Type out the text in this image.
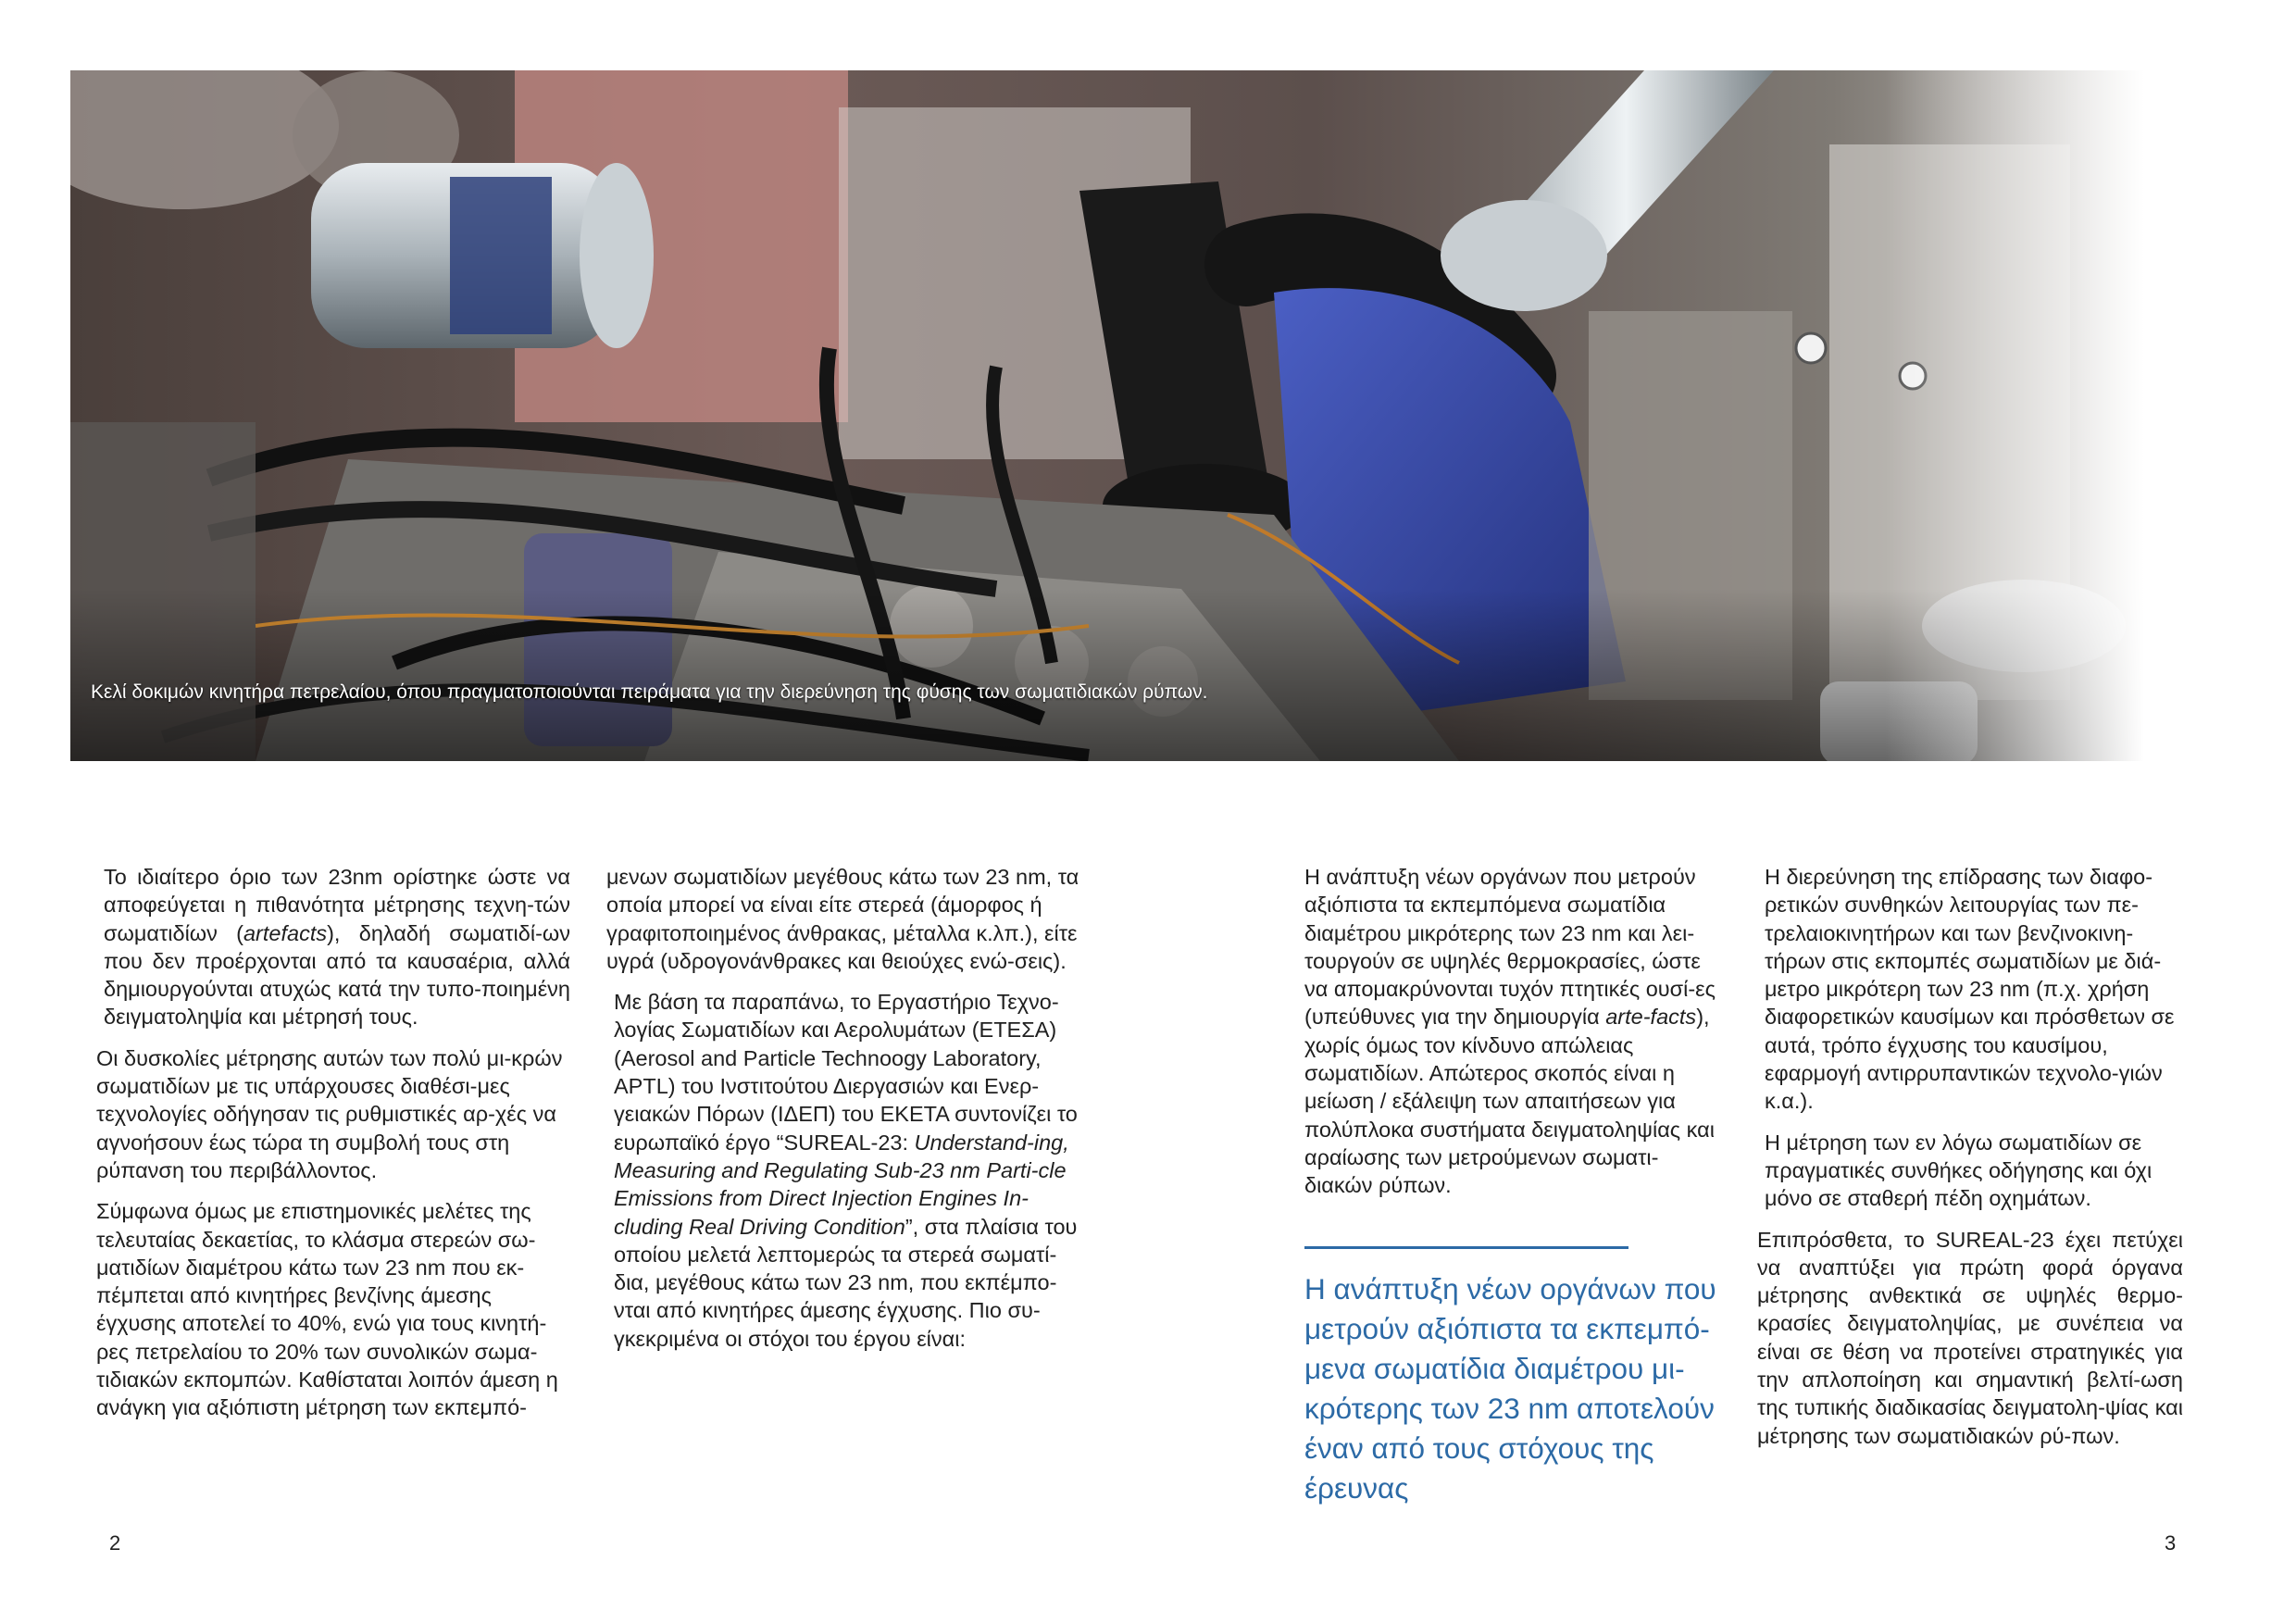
Κελί δοκιμών κινητήρα πετρελαίου, όπου πραγματοποιούνται πειράματα για την διερεύνηση της φύσης των σωματιδιακών ρύπων.

Το ιδιαίτερο όριο των 23nm ορίστηκε ώστε να αποφεύγεται η πιθανότητα μέτρησης τεχνη-τών σωματιδίων (artefacts), δηλαδή σωματιδί-ων που δεν προέρχονται από τα καυσαέρια, αλλά δημιουργούνται ατυχώς κατά την τυπο-ποιημένη δειγματοληψία και μέτρησή τους.

Οι δυσκολίες μέτρησης αυτών των πολύ μι-κρών σωματιδίων με τις υπάρχουσες διαθέσι-μες τεχνολογίες οδήγησαν τις ρυθμιστικές αρ-χές να αγνοήσουν έως τώρα τη συμβολή τους στη ρύπανση του περιβάλλοντος.

Σύμφωνα όμως με επιστημονικές μελέτες της τελευταίας δεκαετίας, το κλάσμα στερεών σω-ματιδίων διαμέτρου κάτω των 23 nm που εκ-πέμπεται από κινητήρες βενζίνης άμεσης έγχυσης αποτελεί το 40%, ενώ για τους κινητή-ρες πετρελαίου το 20% των συνολικών σωμα-τιδιακών εκπομπών. Καθίσταται λοιπόν άμεση η ανάγκη για αξιόπιστη μέτρηση των εκπεμπό-

μενων σωματιδίων μεγέθους κάτω των 23 nm, τα οποία μπορεί να είναι είτε στερεά (άμορφος ή γραφιτοποιημένος άνθρακας, μέταλλα κ.λπ.), είτε υγρά (υδρογονάνθρακες και θειούχες ενώ-σεις).

Με βάση τα παραπάνω, το Εργαστήριο Τεχνο-λογίας Σωματιδίων και Αερολυμάτων (ΕΤΕΣΑ) (Aerosol and Particle Technoogy Laboratory, APTL) του Ινστιτούτου Διεργασιών και Ενερ-γειακών Πόρων (ΙΔΕΠ) του ΕΚΕΤΑ συντονίζει το ευρωπαϊκό έργο “SUREAL-23: Understand-ing, Measuring and Regulating Sub-23 nm Parti-cle Emissions from Direct Injection Engines In-cluding Real Driving Condition”, στα πλαίσια του οποίου μελετά λεπτομερώς τα στερεά σωματί-δια, μεγέθους κάτω των 23 nm, που εκπέμπο-νται από κινητήρες άμεσης έγχυσης. Πιο συ-γκεκριμένα οι στόχοι του έργου είναι:

2

Η ανάπτυξη νέων οργάνων που μετρούν αξιόπιστα τα εκπεμπόμενα σωματίδια διαμέτρου μικρότερης των 23 nm και λει-τουργούν σε υψηλές θερμοκρασίες, ώστε να απομακρύνονται τυχόν πτητικές ουσί-ες (υπεύθυνες για την δημιουργία arte-facts), χωρίς όμως τον κίνδυνο απώλειας σωματιδίων. Απώτερος σκοπός είναι η μείωση / εξάλειψη των απαιτήσεων για πολύπλοκα συστήματα δειγματοληψίας και αραίωσης των μετρούμενων σωματι-διακών ρύπων.

Η ανάπτυξη νέων οργάνων που μετρούν αξιόπιστα τα εκπεμπό-μενα σωματίδια διαμέτρου μι-κρότερης των 23 nm αποτελούν έναν από τους στόχους της έρευνας

Η διερεύνηση της επίδρασης των διαφο-ρετικών συνθηκών λειτουργίας των πε-τρελαιοκινητήρων και των βενζινοκινη-τήρων στις εκπομπές σωματιδίων με διά-μετρο μικρότερη των 23 nm (π.χ. χρήση διαφορετικών καυσίμων και πρόσθετων σε αυτά, τρόπο έγχυσης του καυσίμου, εφαρμογή αντιρρυπαντικών τεχνολο-γιών κ.α.).

Η μέτρηση των εν λόγω σωματιδίων σε πραγματικές συνθήκες οδήγησης και όχι μόνο σε σταθερή πέδη οχημάτων.

Επιπρόσθετα, το SUREAL-23 έχει πετύχει να αναπτύξει για πρώτη φορά όργανα μέτρησης ανθεκτικά σε υψηλές θερμο-κρασίες δειγματοληψίας, με συνέπεια να είναι σε θέση να προτείνει στρατηγικές για την απλοποίηση και σημαντική βελτί-ωση της τυπικής διαδικασίας δειγματολη-ψίας και μέτρησης των σωματιδιακών ρύ-πων.

3
